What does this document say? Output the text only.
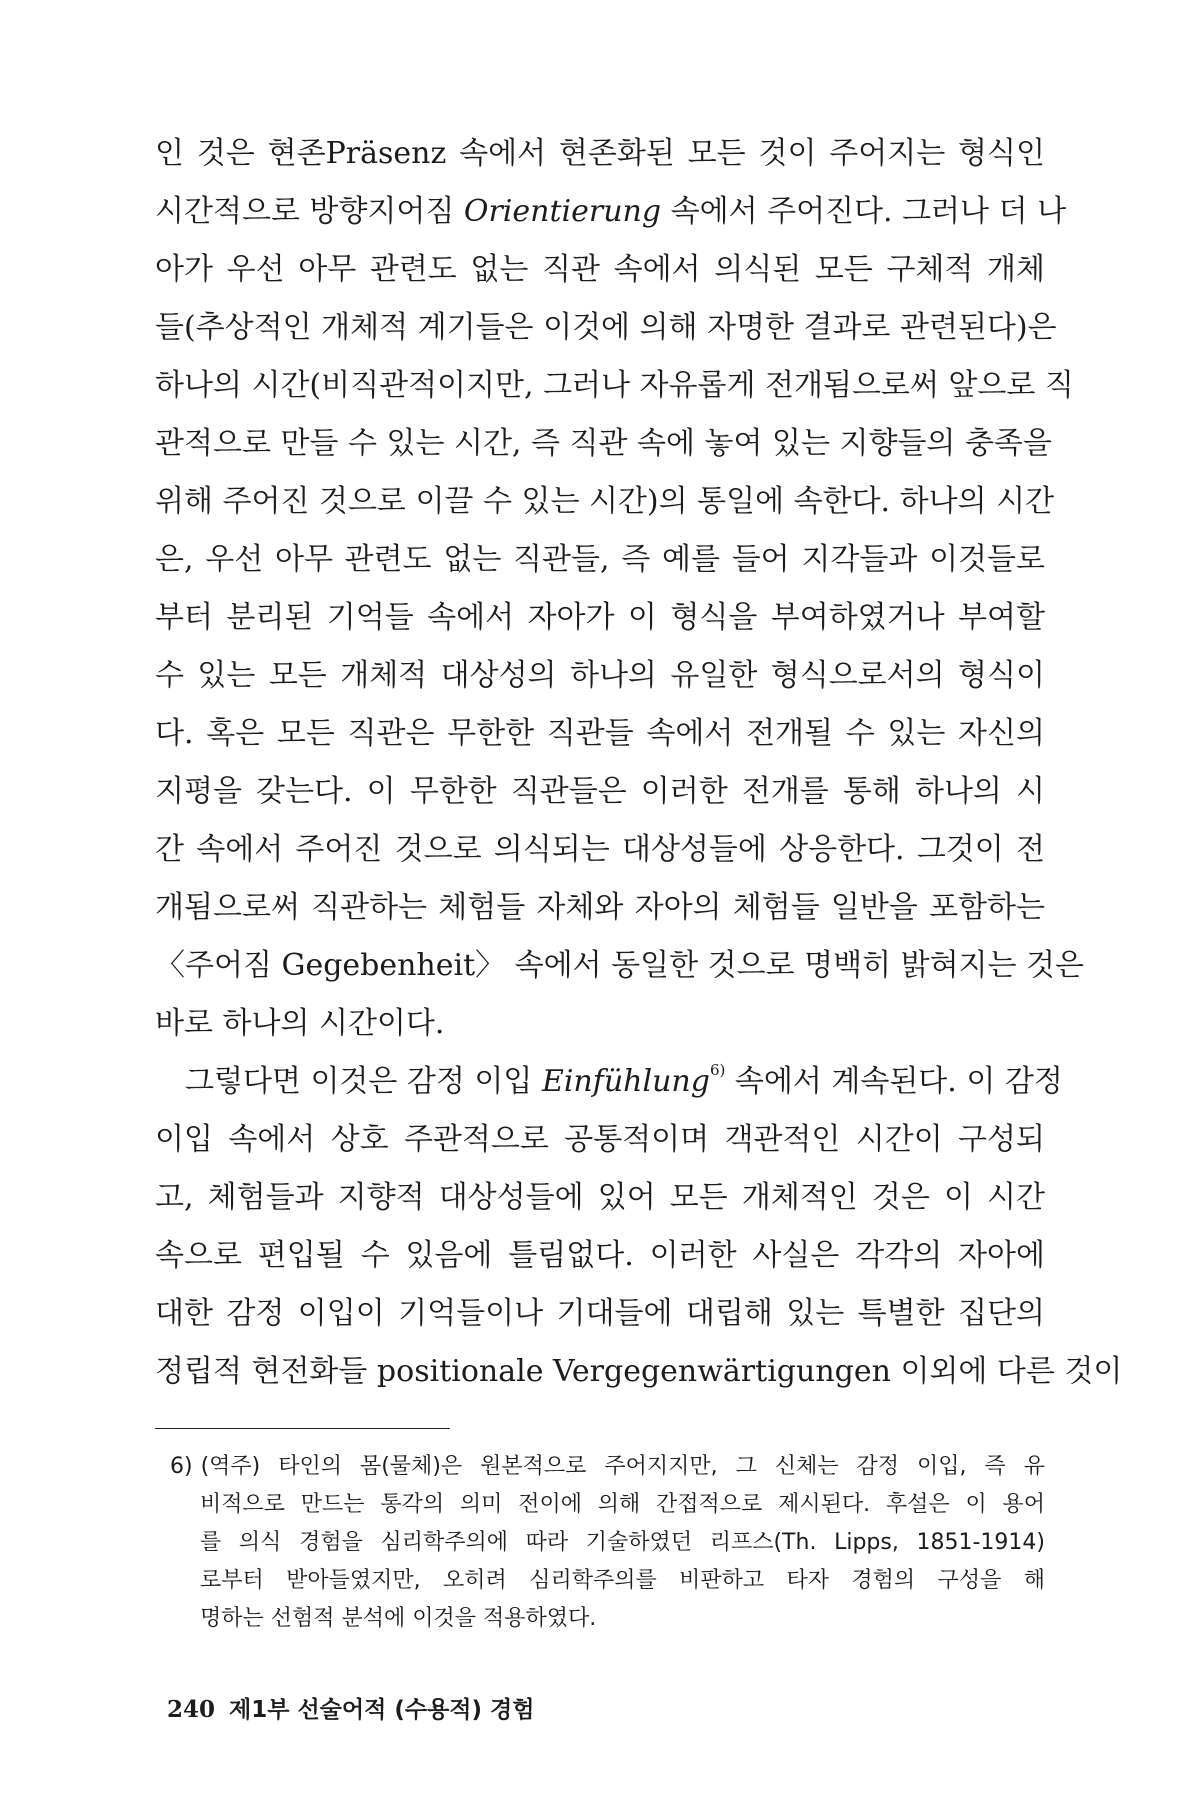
인 것은 현존Präsenz 속에서 현존화된 모든 것이 주어지는 형식인
시간적으로 방향지어짐 Orientierung 속에서 주어진다. 그러나 더 나
아가 우선 아무 관련도 없는 직관 속에서 의식된 모든 구체적 개체
들(추상적인 개체적 계기들은 이것에 의해 자명한 결과로 관련된다)은
하나의 시간(비직관적이지만, 그러나 자유롭게 전개됨으로써 앞으로 직
관적으로 만들 수 있는 시간, 즉 직관 속에 놓여 있는 지향들의 충족을
위해 주어진 것으로 이끌 수 있는 시간)의 통일에 속한다. 하나의 시간
은, 우선 아무 관련도 없는 직관들, 즉 예를 들어 지각들과 이것들로
부터 분리된 기억들 속에서 자아가 이 형식을 부여하였거나 부여할
수 있는 모든 개체적 대상성의 하나의 유일한 형식으로서의 형식이
다. 혹은 모든 직관은 무한한 직관들 속에서 전개될 수 있는 자신의
지평을 갖는다. 이 무한한 직관들은 이러한 전개를 통해 하나의 시
간 속에서 주어진 것으로 의식되는 대상성들에 상응한다. 그것이 전
개됨으로써 직관하는 체험들 자체와 자아의 체험들 일반을 포함하는
〈주어짐 Gegebenheit〉 속에서 동일한 것으로 명백히 밝혀지는 것은
바로 하나의 시간이다.
그렇다면 이것은 감정 이입 Einfühlung$^{6)}$ 속에서 계속된다. 이 감정
이입 속에서 상호 주관적으로 공통적이며 객관적인 시간이 구성되
고, 체험들과 지향적 대상성들에 있어 모든 개체적인 것은 이 시간
속으로 편입될 수 있음에 틀림없다. 이러한 사실은 각각의 자아에
대한 감정 이입이 기억들이나 기대들에 대립해 있는 특별한 집단의
정립적 현전화들 positionale Vergegenwärtigungen 이외에 다른 것이
6) (역주) 타인의 몸(물체)은 원본적으로 주어지지만, 그 신체는 감정 이입, 즉 유
비적으로 만드는 통각의 의미 전이에 의해 간접적으로 제시된다. 후설은 이 용어
를 의식 경험을 심리학주의에 따라 기술하였던 리프스(Th. Lipps, 1851-1914)
로부터 받아들였지만, 오히려 심리학주의를 비판하고 타자 경험의 구성을 해
명하는 선험적 분석에 이것을 적용하였다.
240 제1부 선술어적 (수용적) 경험
